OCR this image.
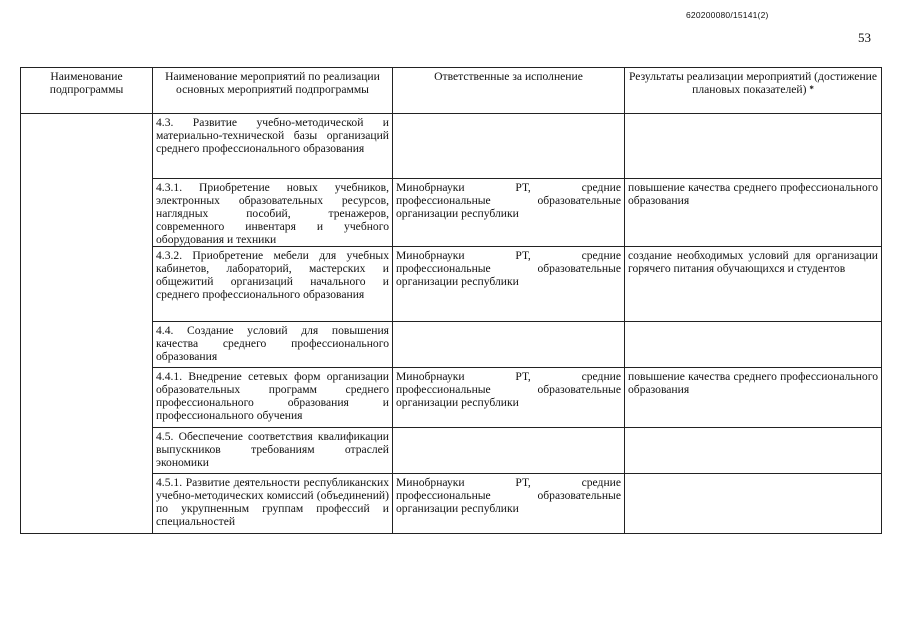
620200080/15141(2)
53
Наименование подпрограммы	Наименование мероприятий по реализации основных мероприятий подпрограммы	Ответственные за исполнение	Результаты реализации мероприятий (достижение плановых показателей) *
	4.3. Развитие учебно-методической и материально-технической базы организаций среднего профессионального образования		
	4.3.1. Приобретение новых учебников, электронных образовательных ресурсов, наглядных пособий, тренажеров, современного инвентаря и учебного оборудования и техники	Минобрнауки РТ, средние профессиональные образовательные организации республики	повышение качества среднего профессионального образования
	4.3.2. Приобретение мебели для учебных кабинетов, лабораторий, мастерских и общежитий организаций начального и среднего профессионального образования	Минобрнауки РТ, средние профессиональные образовательные организации республики	создание необходимых условий для организации горячего питания обучающихся и студентов
	4.4. Создание условий для повышения качества среднего профессионального образования		
	4.4.1. Внедрение сетевых форм организации образовательных программ среднего профессионального образования и профессионального обучения	Минобрнауки РТ, средние профессиональные образовательные организации республики	повышение качества среднего профессионального образования
	4.5. Обеспечение соответствия квалификации выпускников требованиям отраслей экономики		
	4.5.1. Развитие деятельности республиканских учебно-методических комиссий (объединений) по укрупненным группам профессий и специальностей	Минобрнауки РТ, средние профессиональные образовательные организации республики	
